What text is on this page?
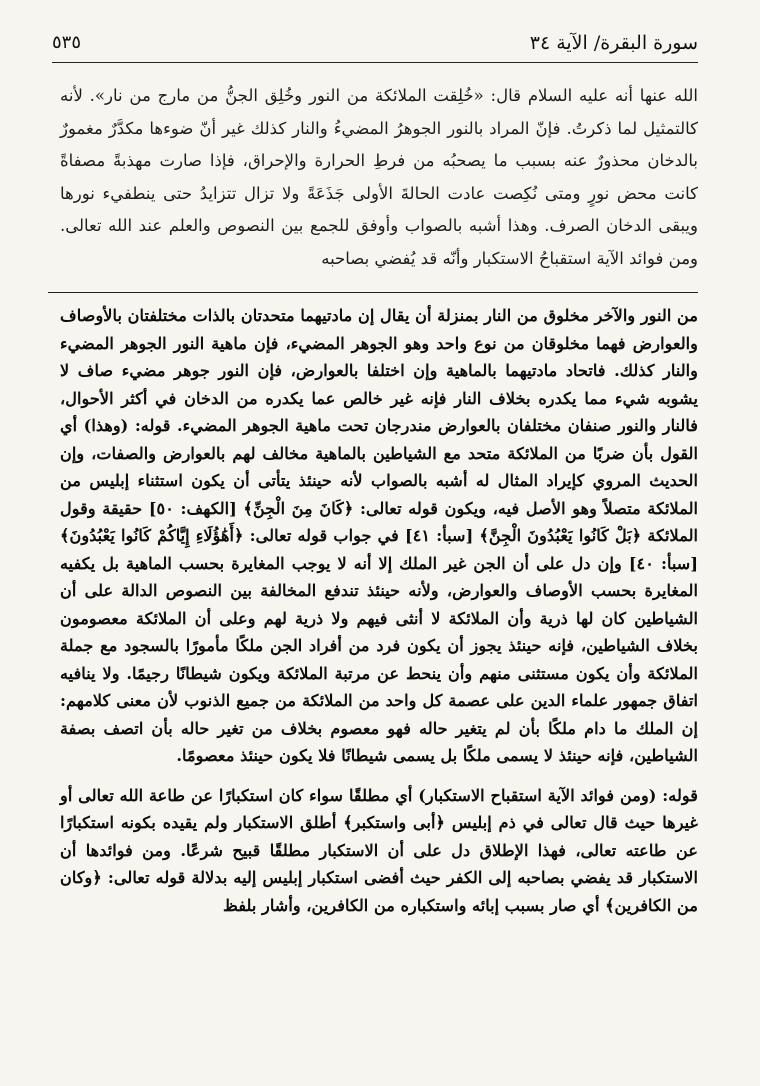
سورة البقرة/ الآية ٣٤
٥٣٥

الله عنها أنه عليه السلام قال: «خُلِقت الملائكة من النور وخُلِق الجنُّ من مارج من نار». لأنه كالتمثيل لما ذكرتُ. فإنّ المراد بالنور الجوهرُ المضيءُ والنار كذلك غير أنّ ضوءها مكدَّرٌ مغمورٌ بالدخان محذورٌ عنه بسبب ما يصحبُه من فرطِ الحرارة والإحراق، فإذا صارت مهذبةً مصفاةً كانت محض نورٍ ومتى نُكِصت عادت الحالةَ الأولى جَذَعَةً ولا تزال تتزايدُ حتى ينطفيء نورها ويبقى الدخان الصرف. وهذا أشبه بالصواب وأوفق للجمع بين النصوص والعلم عند الله تعالى. ومن فوائد الآية استقباحُ الاستكبار وأنّه قد يُفضي بصاحبه

من النور والآخر مخلوق من النار بمنزلة أن يقال إن مادتيهما متحدتان بالذات مختلفتان بالأوصاف والعوارض فهما مخلوقان من نوع واحد وهو الجوهر المضيء، فإن ماهية النور الجوهر المضيء والنار كذلك. فاتحاد مادتيهما بالماهية وإن اختلفا بالعوارض، فإن النور جوهر مضيء صاف لا يشوبه شيء مما يكدره بخلاف النار فإنه غير خالص عما يكدره من الدخان في أكثر الأحوال، فالنار والنور صنفان مختلفان بالعوارض مندرجان تحت ماهية الجوهر المضيء. قوله: (وهذا) أي القول بأن ضربًا من الملائكة متحد مع الشياطين بالماهية مخالف لهم بالعوارض والصفات، وإن الحديث المروي كإيراد المثال له أشبه بالصواب لأنه حينئذ يتأتى أن يكون استثناء إبليس من الملائكة متصلاً وهو الأصل فيه، ويكون قوله تعالى: ﴿كَانَ مِنَ الْجِنِّ﴾ [الكهف: ٥٠] حقيقة وقول الملائكة ﴿بَلْ كَانُوا يَعْبُدُونَ الْجِنَّ﴾ [سبأ: ٤١] في جواب قوله تعالى: ﴿أَهَٰؤُلَاءِ إِيَّاكُمْ كَانُوا يَعْبُدُونَ﴾ [سبأ: ٤٠] وإن دل على أن الجن غير الملك إلا أنه لا يوجب المغايرة بحسب الماهية بل يكفيه المغايرة بحسب الأوصاف والعوارض، ولأنه حينئذ تندفع المخالفة بين النصوص الدالة على أن الشياطين كان لها ذرية وأن الملائكة لا أنثى فيهم ولا ذرية لهم وعلى أن الملائكة معصومون بخلاف الشياطين، فإنه حينئذ يجوز أن يكون فرد من أفراد الجن ملكًا مأمورًا بالسجود مع جملة الملائكة وأن يكون مستثنى منهم وأن ينحط عن مرتبة الملائكة ويكون شيطانًا رجيمًا. ولا ينافيه اتفاق جمهور علماء الدين على عصمة كل واحد من الملائكة من جميع الذنوب لأن معنى كلامهم: إن الملك ما دام ملكًا بأن لم يتغير حاله فهو معصوم بخلاف من تغير حاله بأن اتصف بصفة الشياطين، فإنه حينئذ لا يسمى ملكًا بل يسمى شيطانًا فلا يكون حينئذ معصومًا.

قوله: (ومن فوائد الآية استقباح الاستكبار) أي مطلقًا سواء كان استكبارًا عن طاعة الله تعالى أو غيرها حيث قال تعالى في ذم إبليس ﴿أبى واستكبر﴾ أطلق الاستكبار ولم يقيده بكونه استكبارًا عن طاعته تعالى، فهذا الإطلاق دل على أن الاستكبار مطلقًا قبيح شرعًا. ومن فوائدها أن الاستكبار قد يفضي بصاحبه إلى الكفر حيث أفضى استكبار إبليس إليه بدلالة قوله تعالى: ﴿وكان من الكافرين﴾ أي صار بسبب إبائه واستكباره من الكافرين، وأشار بلفظ
